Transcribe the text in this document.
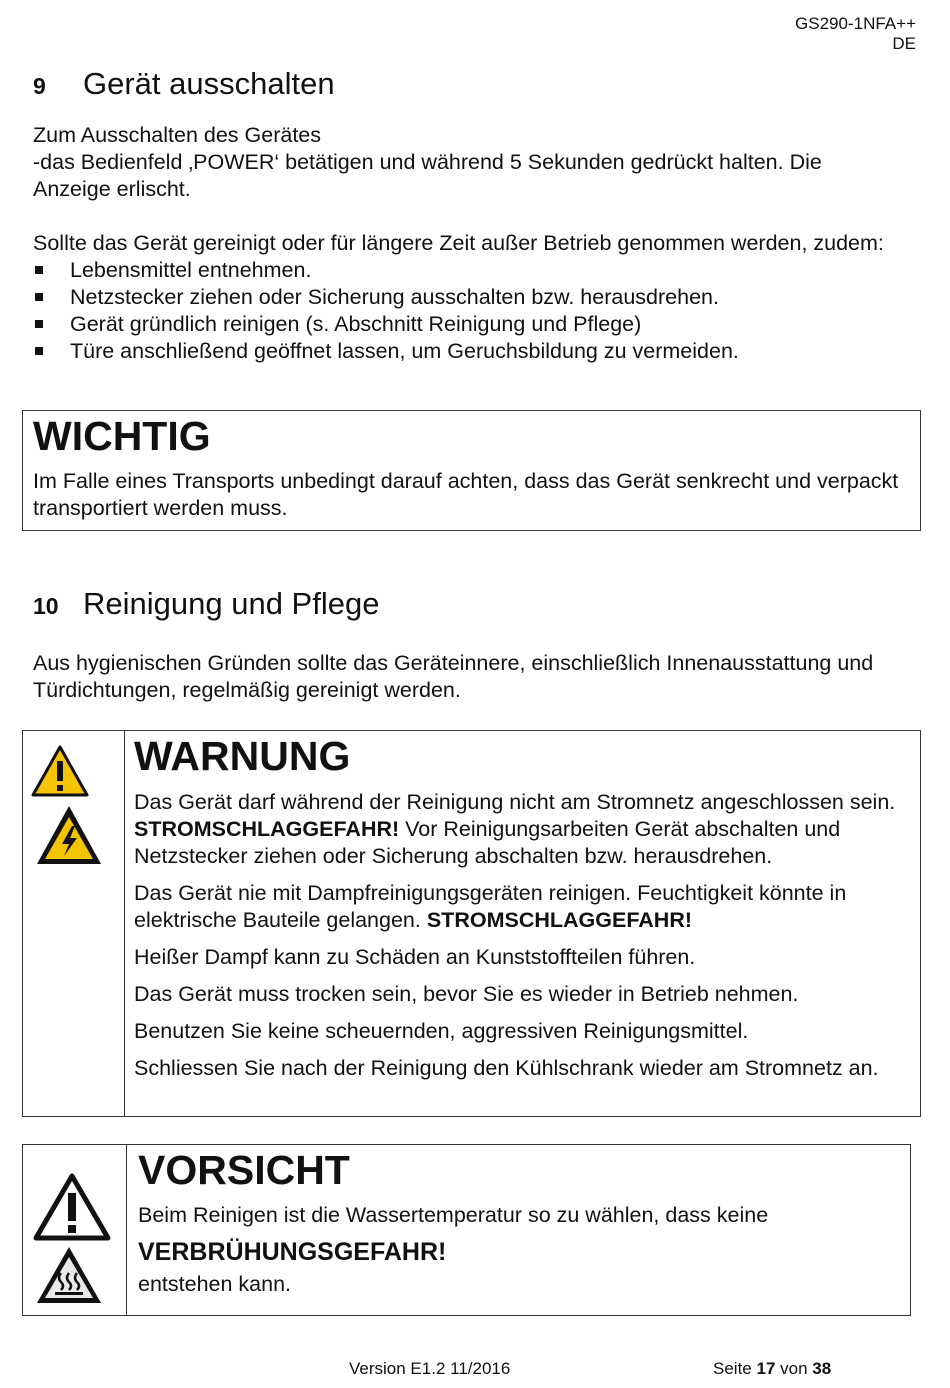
GS290-1NFA++
DE
9	Gerät ausschalten

Zum Ausschalten des Gerätes

-das Bedienfeld ‚POWER‘ betätigen und während 5 Sekunden gedrückt halten. Die Anzeige erlischt.

Sollte das Gerät gereinigt oder für längere Zeit außer Betrieb genommen werden, zudem:

Lebensmittel entnehmen.
Netzstecker ziehen oder Sicherung ausschalten bzw. herausdrehen.
Gerät gründlich reinigen (s. Abschnitt Reinigung und Pflege)
Türe anschließend geöffnet lassen, um Geruchsbildung zu vermeiden.
WICHTIG
Im Falle eines Transports unbedingt darauf achten, dass das Gerät senkrecht und verpackt transportiert werden muss.
10 Reinigung und Pflege
Aus hygienischen Gründen sollte das Geräteinnere, einschließlich Innenausstattung und Türdichtungen, regelmäßig gereinigt werden.
WARNUNG

Das Gerät darf während der Reinigung nicht am Stromnetz angeschlossen sein. STROMSCHLAGGEFAHR! Vor Reinigungsarbeiten Gerät abschalten und Netzstecker ziehen oder Sicherung abschalten bzw. herausdrehen.

Das Gerät nie mit Dampfreinigungsgeräten reinigen. Feuchtigkeit könnte in elektrische Bauteile gelangen. STROMSCHLAGGEFAHR!

Heißer Dampf kann zu Schäden an Kunststoffteilen führen.

Das Gerät muss trocken sein, bevor Sie es wieder in Betrieb nehmen.

Benutzen Sie keine scheuernden, aggressiven Reinigungsmittel.

Schliessen Sie nach der Reinigung den Kühlschrank wieder am Stromnetz an.

VORSICHT

Beim Reinigen ist die Wassertemperatur so zu wählen, dass keine

VERBRÜHUNGSGEFAHR!

entstehen kann.

Version E1.2 11/2016	Seite 17 von 38
